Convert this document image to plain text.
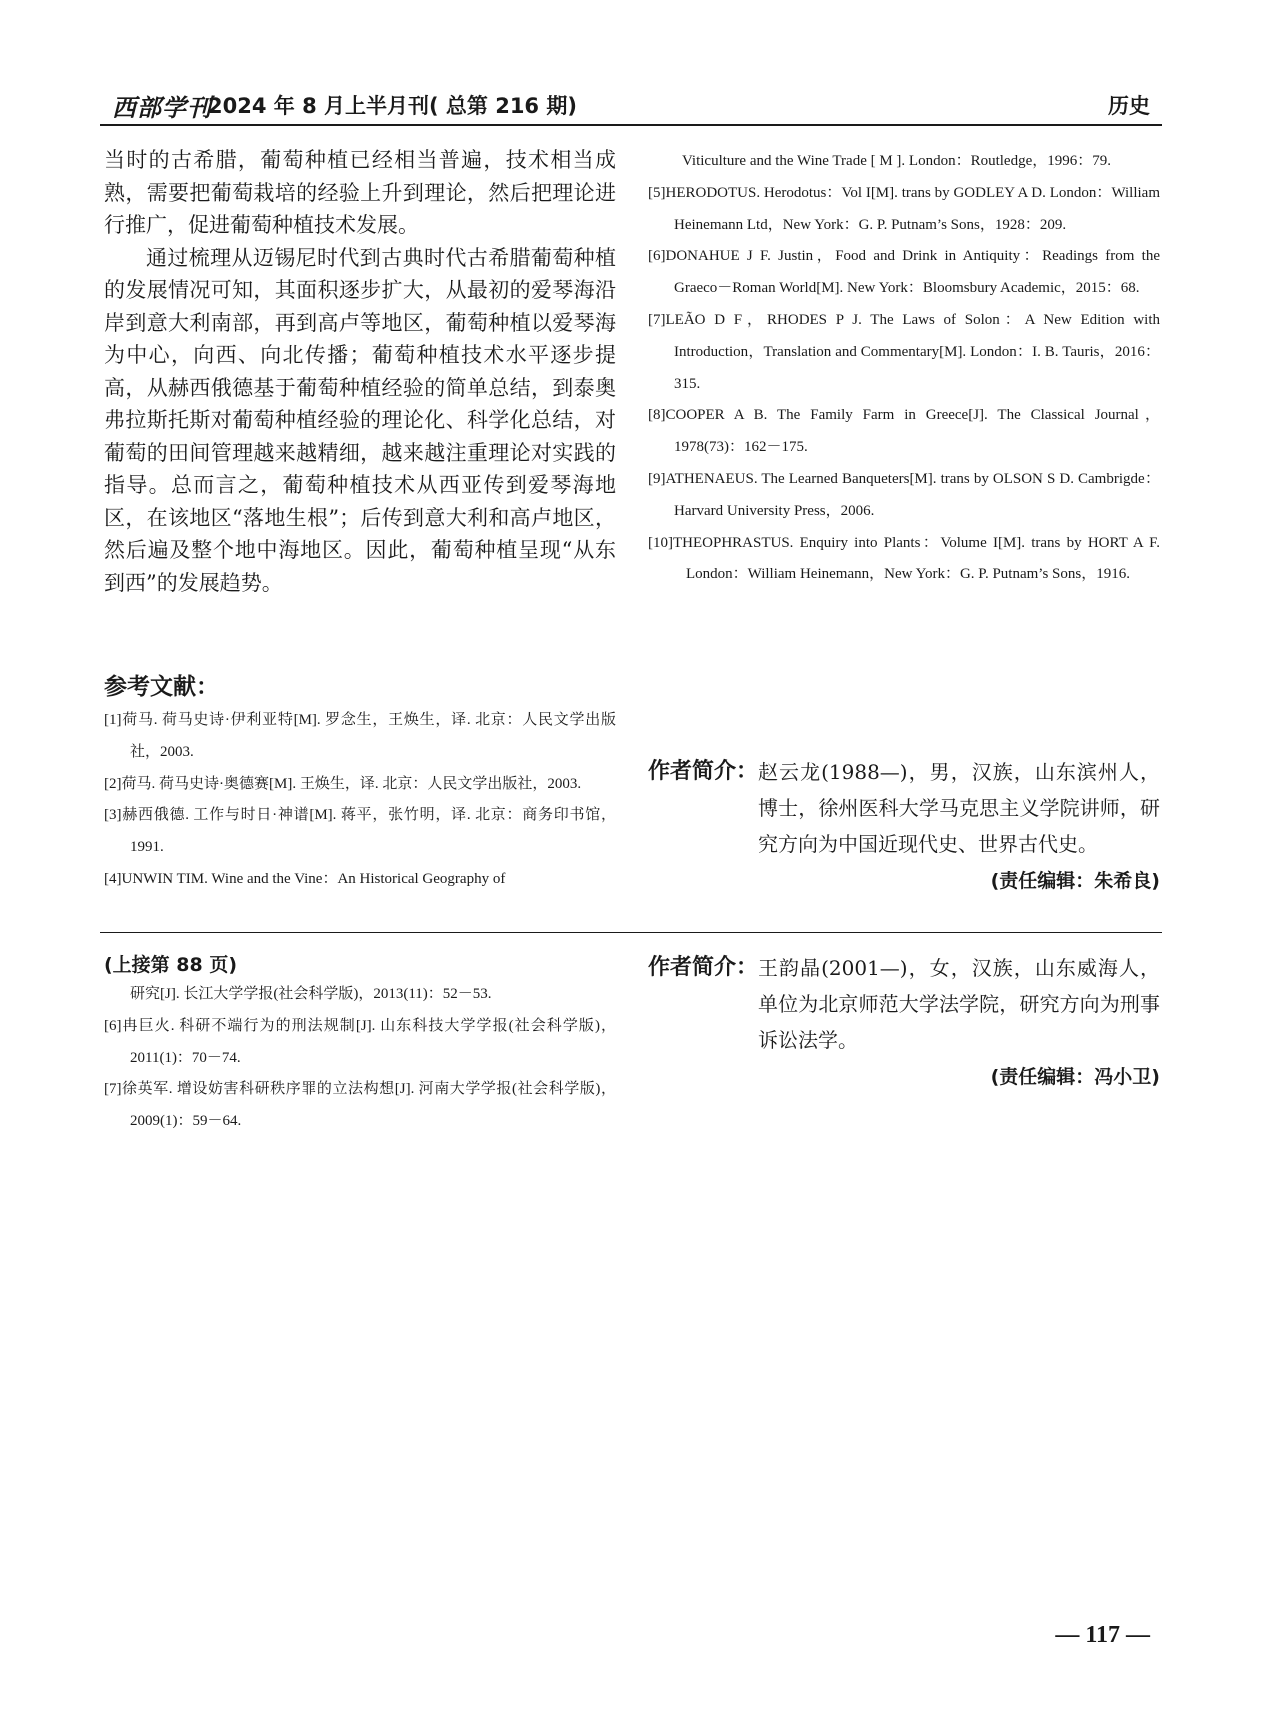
西部学刊
2024 年 8 月上半月刊( 总第 216 期)	历史

当时的古希腊，葡萄种植已经相当普遍，技术相当成熟，需要把葡萄栽培的经验上升到理论，然后把理论进行推广，促进葡萄种植技术发展。

通过梳理从迈锡尼时代到古典时代古希腊葡萄种植的发展情况可知，其面积逐步扩大，从最初的爱琴海沿岸到意大利南部，再到高卢等地区，葡萄种植以爱琴海为中心，向西、向北传播；葡萄种植技术水平逐步提高，从赫西俄德基于葡萄种植经验的简单总结，到泰奥弗拉斯托斯对葡萄种植经验的理论化、科学化总结，对葡萄的田间管理越来越精细，越来越注重理论对实践的指导。总而言之，葡萄种植技术从西亚传到爱琴海地区，在该地区“落地生根”；后传到意大利和高卢地区，然后遍及整个地中海地区。因此，葡萄种植呈现“从东到西”的发展趋势。

参考文献：
[1]荷马. 荷马史诗·伊利亚特[M]. 罗念生，王焕生，译. 北京：人民文学出版社，2003.
[2]荷马. 荷马史诗·奥德赛[M]. 王焕生，译. 北京：人民文学出版社，2003.
[3]赫西俄德. 工作与时日·神谱[M]. 蒋平，张竹明，译. 北京：商务印书馆，1991.
[4]UNWIN TIM. Wine and the Vine：An Historical Geography of
Viticulture and the Wine Trade [ M ]. London：Routledge，1996：79.
[5]HERODOTUS. Herodotus：Vol I[M]. trans by GODLEY A D. London：William Heinemann Ltd，New York：G. P. Putnam’s Sons，1928：209.
[6]DONAHUE J F. Justin，Food and Drink in Antiquity：Readings from the Graeco－Roman World[M]. New York：Bloomsbury Academic，2015：68.
[7]LEÃO D F，RHODES P J. The Laws of Solon：A New Edition with Introduction，Translation and Commentary[M]. London：I. B. Tauris，2016：315.
[8]COOPER A B. The Family Farm in Greece[J]. The Classical Journal，1978(73)：162－175.
[9]ATHENAEUS. The Learned Banqueters[M]. trans by OLSON S D. Cambrigde：Harvard University Press，2006.
[10]THEOPHRASTUS. Enquiry into Plants：Volume I[M]. trans by HORT A F. London：William Heinemann，New York：G. P. Putnam’s Sons，1916.
作者简介： 赵云龙(1988—)，男，汉族，山东滨州人，博士，徐州医科大学马克思主义学院讲师，研究方向为中国近现代史、世界古代史。
(责任编辑：朱希良)
(上接第 88 页)
研究[J]. 长江大学学报(社会科学版)，2013(11)：52－53.
[6]冉巨火. 科研不端行为的刑法规制[J]. 山东科技大学学报(社会科学版)，2011(1)：70－74.
[7]徐英军. 增设妨害科研秩序罪的立法构想[J]. 河南大学学报(社会科学版)，2009(1)：59－64.
作者简介： 王韵晶(2001—)，女，汉族，山东威海人，单位为北京师范大学法学院，研究方向为刑事诉讼法学。
(责任编辑：冯小卫)
— 117 —
